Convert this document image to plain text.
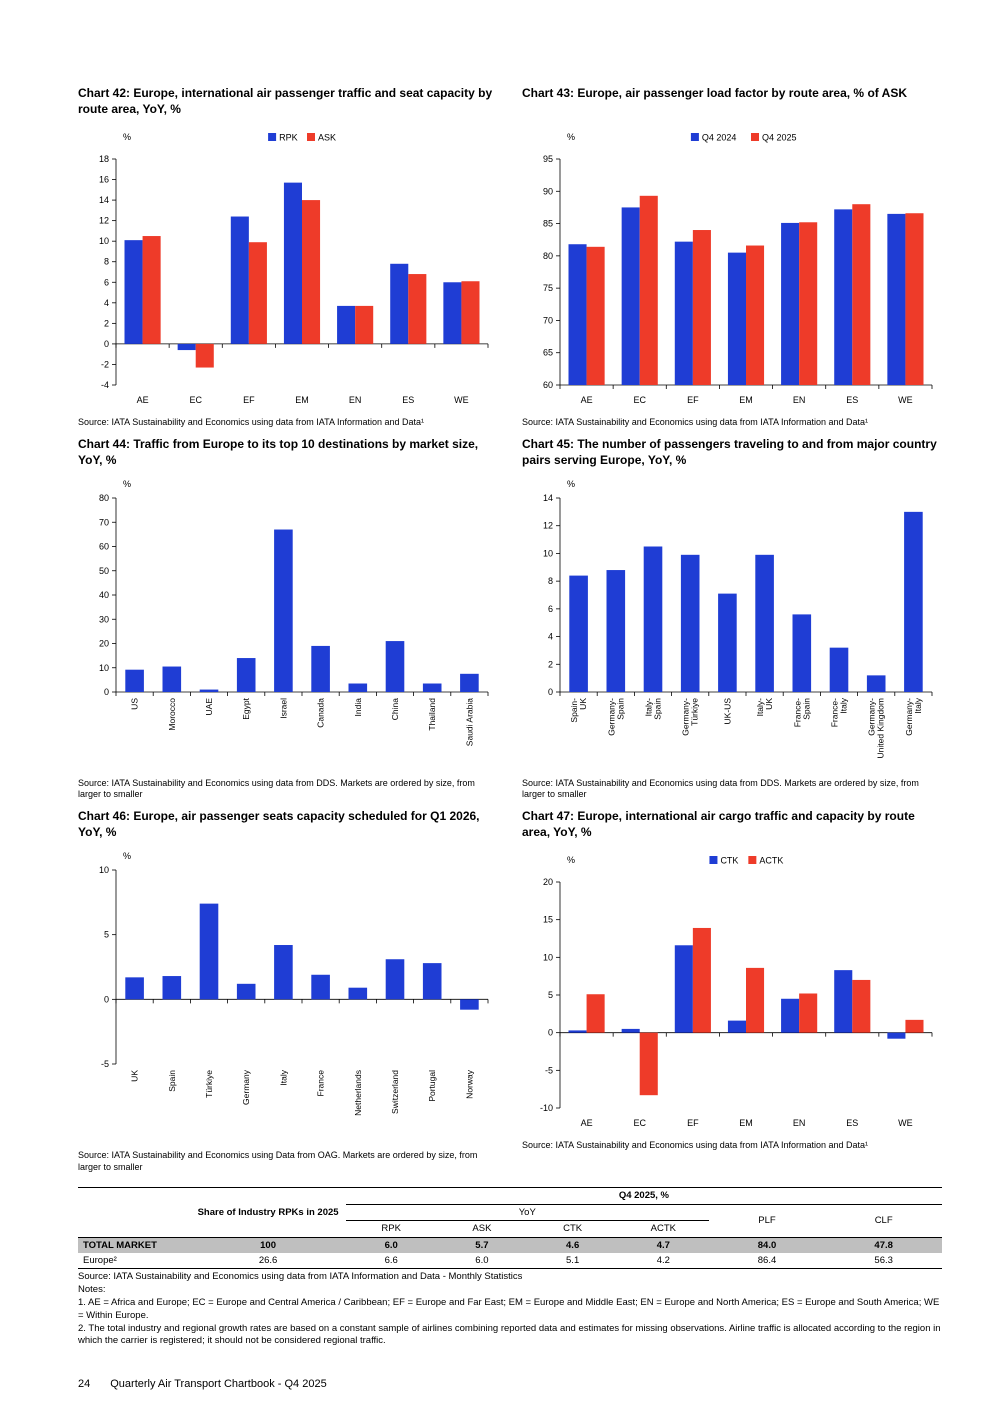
Chart 42: Europe, international air passenger traffic and seat capacity by route area, YoY, %
RPK ASK
%
-4
-2
0
2
4
6
8
10
12
14
16
18
AE	EC	EF	EM	EN	ES	WE

Source: IATA Sustainability and Economics using data from IATA Information and Data¹

Chart 43: Europe, air passenger load factor by route area, % of ASK
Q4 2024	Q4 2025
%
60
65
70
75
80
85
90
95
AE	EC	EF	EM	EN	ES	WE

Source: IATA Sustainability and Economics using data from IATA Information and Data¹

Chart 44: Traffic from Europe to its top 10 destinations by market size, YoY, %
%
0
10
20
30
40
50
60
70
80
US	Morocco	UAE	Egypt	Israel	Canada	India	China	Thailand	Saudi Arabia

Source: IATA Sustainability and Economics using data from DDS. Markets are ordered by size, from larger to smaller

Chart 45: The number of passengers traveling to and from major country pairs serving Europe, YoY, %
%
0
2
4
6
8
10
12
14
Spain- UK Germany- Spain Italy- Spain Germany- Türkiye	UK-US	Italy- UK France- Spain France- Italy Germany- United Kingdom Germany- Italy

Source: IATA Sustainability and Economics using data from DDS. Markets are ordered by size, from larger to smaller

Chart 46: Europe, air passenger seats capacity scheduled for Q1 2026, YoY, %
%
-5
0
5
10
UK	Spain	Türkiye	Germany	Italy	France	Netherlands	Switzerland	Portugal	Norway

Source: IATA Sustainability and Economics using Data from OAG. Markets are ordered by size, from larger to smaller

Chart 47: Europe, international air cargo traffic and capacity by route area, YoY, %
CTK ACTK
%
-10
-5
0
5
10
15
20
AE	EC	EF	EM	EN	ES	WE

Source: IATA Sustainability and Economics using data from IATA Information and Data¹

	Share of Industry RPKs in 2025	Q4 2025, %					
		YoY				PLF	CLF
		RPK	ASK	CTK	ACTK		
TOTAL MARKET	100	6.0	5.7	4.6	4.7	84.0	47.8
Europe²	26.6	6.6	6.0	5.1	4.2	86.4	56.3

Source: IATA Sustainability and Economics using data from IATA Information and Data - Monthly Statistics

Notes:

1. AE = Africa and Europe; EC = Europe and Central America / Caribbean; EF = Europe and Far East; EM = Europe and Middle East; EN = Europe and North America; ES = Europe and South America; WE = Within Europe.

2. The total industry and regional growth rates are based on a constant sample of airlines combining reported data and estimates for missing observations. Airline traffic is allocated according to the region in which the carrier is registered; it should not be considered regional traffic.

24 Quarterly Air Transport Chartbook - Q4 2025
